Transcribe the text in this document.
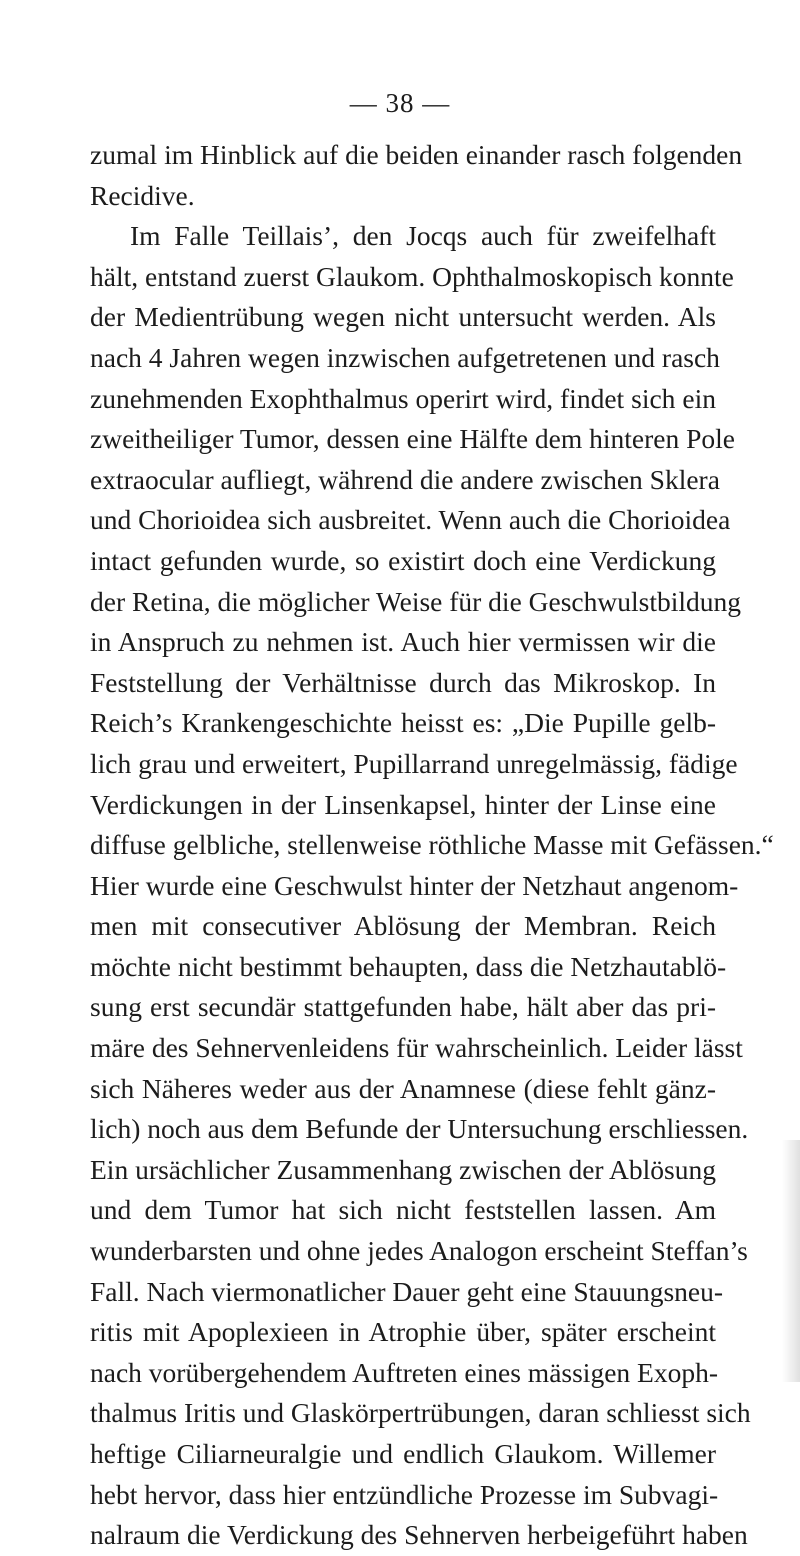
— 38 —
zumal im Hinblick auf die beiden einander rasch folgenden
Recidive.
Im Falle Teillais’, den Jocqs auch für zweifelhaft
hält, entstand zuerst Glaukom. Ophthalmoskopisch konnte
der Medientrübung wegen nicht untersucht werden. Als
nach 4 Jahren wegen inzwischen aufgetretenen und rasch
zunehmenden Exophthalmus operirt wird, findet sich ein
zweitheiliger Tumor, dessen eine Hälfte dem hinteren Pole
extraocular aufliegt, während die andere zwischen Sklera
und Chorioidea sich ausbreitet. Wenn auch die Chorioidea
intact gefunden wurde, so existirt doch eine Verdickung
der Retina, die möglicher Weise für die Geschwulstbildung
in Anspruch zu nehmen ist. Auch hier vermissen wir die
Feststellung der Verhältnisse durch das Mikroskop. In
Reich’s Krankengeschichte heisst es: „Die Pupille gelb-
lich grau und erweitert, Pupillarrand unregelmässig, fädige
Verdickungen in der Linsenkapsel, hinter der Linse eine
diffuse gelbliche, stellenweise röthliche Masse mit Gefässen.“
Hier wurde eine Geschwulst hinter der Netzhaut angenom-
men mit consecutiver Ablösung der Membran. Reich
möchte nicht bestimmt behaupten, dass die Netzhautablö-
sung erst secundär stattgefunden habe, hält aber das pri-
märe des Sehnervenleidens für wahrscheinlich. Leider lässt
sich Näheres weder aus der Anamnese (diese fehlt gänz-
lich) noch aus dem Befunde der Untersuchung erschliessen.
Ein ursächlicher Zusammenhang zwischen der Ablösung
und dem Tumor hat sich nicht feststellen lassen. Am
wunderbarsten und ohne jedes Analogon erscheint Steffan’s
Fall. Nach viermonatlicher Dauer geht eine Stauungsneu-
ritis mit Apoplexieen in Atrophie über, später erscheint
nach vorübergehendem Auftreten eines mässigen Exoph-
thalmus Iritis und Glaskörpertrübungen, daran schliesst sich
heftige Ciliarneuralgie und endlich Glaukom. Willemer
hebt hervor, dass hier entzündliche Prozesse im Subvagi-
nalraum die Verdickung des Sehnerven herbeigeführt haben
